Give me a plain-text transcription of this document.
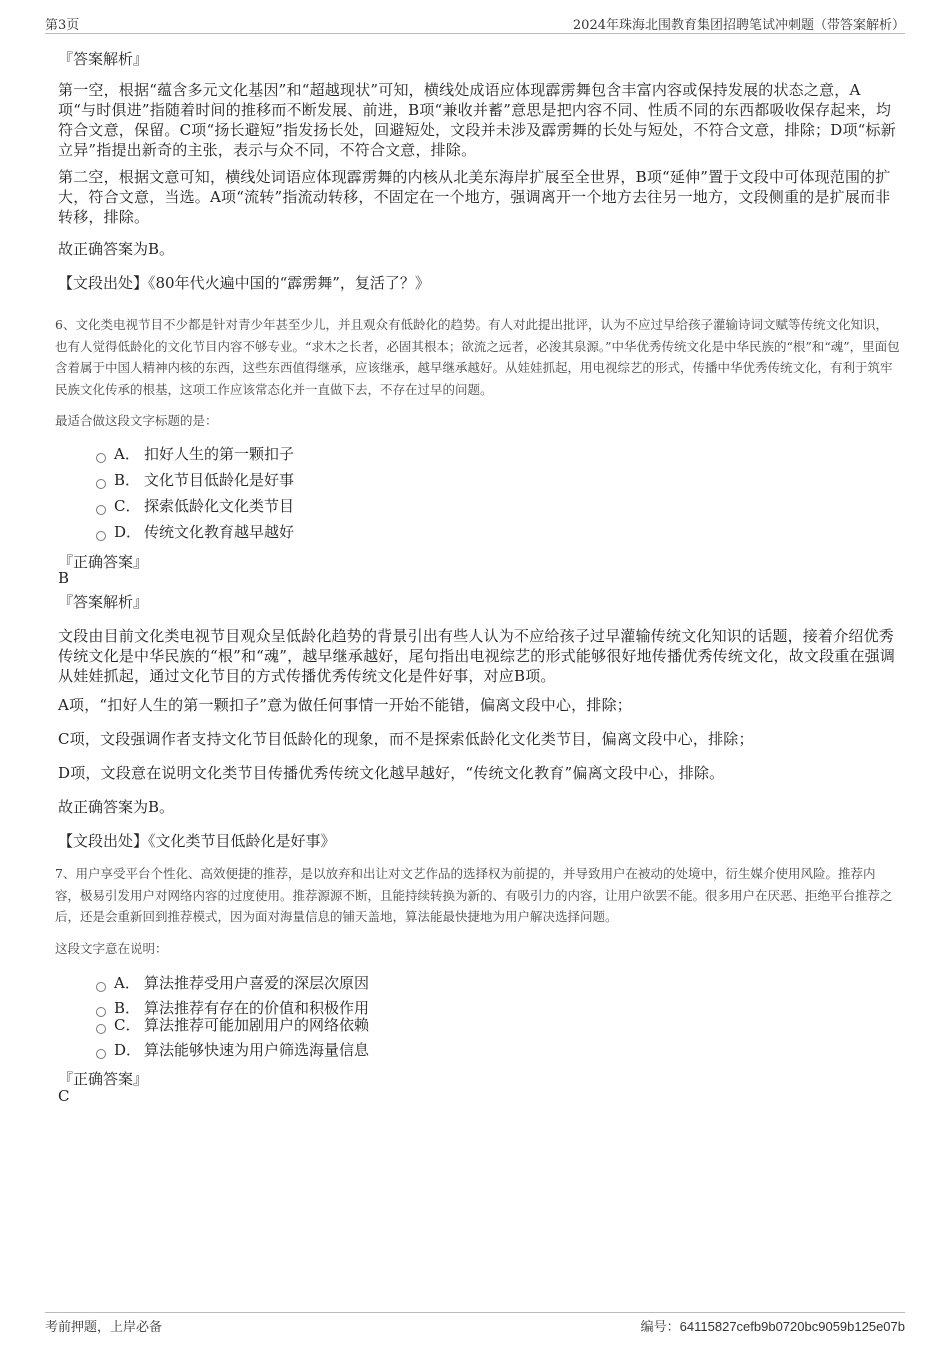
第3页	2024年珠海北围教育集团招聘笔试冲刺题（带答案解析）
『答案解析』
第一空，根据“蕴含多元文化基因”和“超越现状”可知，横线处成语应体现霹雳舞包含丰富内容或保持发展的状态之意，A项“与时俱进”指随着时间的推移而不断发展、前进，B项“兼收并蓄”意思是把内容不同、性质不同的东西都吸收保存起来，均符合文意，保留。C项“扬长避短”指发扬长处，回避短处，文段并未涉及霹雳舞的长处与短处，不符合文意，排除；D项“标新立异”指提出新奇的主张，表示与众不同，不符合文意，排除。
第二空，根据文意可知，横线处词语应体现霹雳舞的内核从北美东海岸扩展至全世界，B项“延伸”置于文段中可体现范围的扩大，符合文意，当选。A项“流转”指流动转移，不固定在一个地方，强调离开一个地方去往另一地方，文段侧重的是扩展而非转移，排除。
故正确答案为B。
【文段出处】《80年代火遍中国的“霹雳舞”，复活了？》
6、文化类电视节目不少都是针对青少年甚至少儿，并且观众有低龄化的趋势。有人对此提出批评，认为不应过早给孩子灌输诗词文赋等传统文化知识，也有人觉得低龄化的文化节目内容不够专业。“求木之长者，必固其根本；欲流之远者，必浚其泉源。”中华优秀传统文化是中华民族的“根”和“魂”，里面包含着属于中国人精神内核的东西，这些东西值得继承，应该继承，越早继承越好。从娃娃抓起，用电视综艺的形式，传播中华优秀传统文化，有利于筑牢民族文化传承的根基，这项工作应该常态化并一直做下去，不存在过早的问题。
最适合做这段文字标题的是：
A． 扣好人生的第一颗扣子
B． 文化节目低龄化是好事
C． 探索低龄化文化类节目
D． 传统文化教育越早越好
『正确答案』
B
『答案解析』
文段由目前文化类电视节目观众呈低龄化趋势的背景引出有些人认为不应给孩子过早灌输传统文化知识的话题，接着介绍优秀传统文化是中华民族的“根”和“魂”，越早继承越好，尾句指出电视综艺的形式能够很好地传播优秀传统文化，故文段重在强调从娃娃抓起，通过文化节目的方式传播优秀传统文化是件好事，对应B项。
A项，“扣好人生的第一颗扣子”意为做任何事情一开始不能错，偏离文段中心，排除；
C项，文段强调作者支持文化节目低龄化的现象，而不是探索低龄化文化类节目，偏离文段中心，排除；
D项，文段意在说明文化类节目传播优秀传统文化越早越好，“传统文化教育”偏离文段中心，排除。
故正确答案为B。
【文段出处】《文化类节目低龄化是好事》
7、用户享受平台个性化、高效便捷的推荐，是以放弃和出让对文艺作品的选择权为前提的，并导致用户在被动的处境中，衍生媒介使用风险。推荐内容，极易引发用户对网络内容的过度使用。推荐源源不断，且能持续转换为新的、有吸引力的内容，让用户欲罢不能。很多用户在厌恶、拒绝平台推荐之后，还是会重新回到推荐模式，因为面对海量信息的铺天盖地，算法能最快捷地为用户解决选择问题。
这段文字意在说明：
A． 算法推荐受用户喜爱的深层次原因
B． 算法推荐有存在的价值和积极作用
C． 算法推荐可能加剧用户的网络依赖
D． 算法能够快速为用户筛选海量信息
『正确答案』
C
考前押题，上岸必备	编号：64115827cefb9b0720bc9059b125e07b
